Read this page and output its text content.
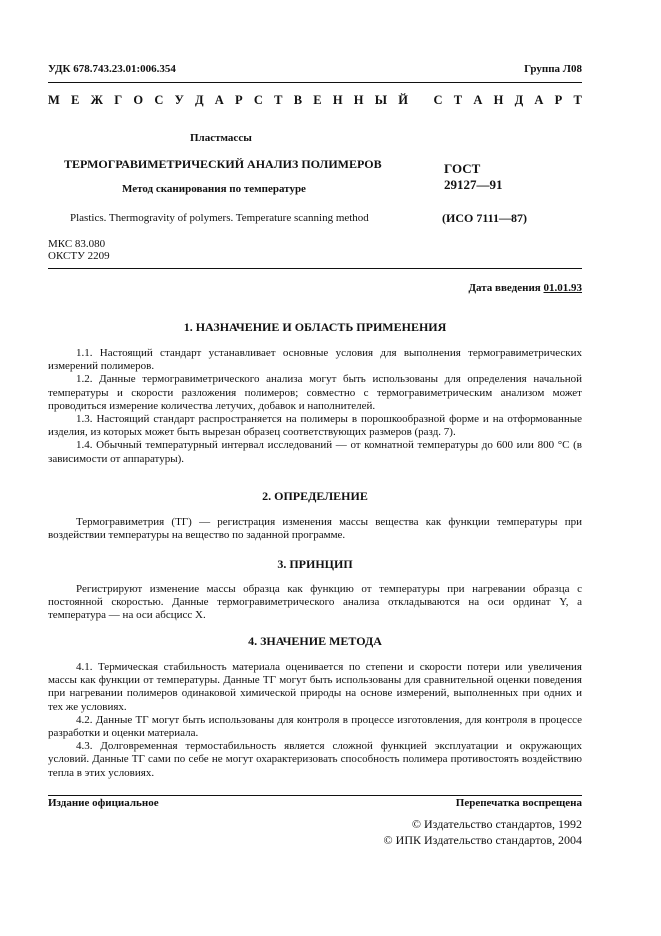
УДК 678.743.23.01:006.354	Группа Л08
М Е Ж Г О С У Д А Р С Т В Е Н Н Ы Й
С Т А Н Д А Р Т
Пластмассы
ТЕРМОГРАВИМЕТРИЧЕСКИЙ АНАЛИЗ ПОЛИМЕРОВ
Метод сканирования по температуре
Plastics. Thermogravity of polymers. Temperature scanning method
ГОСТ
29127—91
(ИСО 7111—87)
МКС 83.080
ОКСТУ 2209
Дата введения 01.01.93
1. НАЗНАЧЕНИЕ И ОБЛАСТЬ ПРИМЕНЕНИЯ

1.1. Настоящий стандарт устанавливает основные условия для выполнения термогравиметрических измерений полимеров.

1.2. Данные термогравиметрического анализа могут быть использованы для определения начальной температуры и скорости разложения полимеров; совместно с термогравиметрическим анализом может проводиться измерение количества летучих, добавок и наполнителей.

1.3. Настоящий стандарт распространяется на полимеры в порошкообразной форме и на отформованные изделия, из которых может быть вырезан образец соответствующих размеров (разд. 7).

1.4. Обычный температурный интервал исследований — от комнатной температуры до 600 или 800 °С (в зависимости от аппаратуры).

2. ОПРЕДЕЛЕНИЕ

Термогравиметрия (ТГ) — регистрация изменения массы вещества как функции температуры при воздействии температуры на вещество по заданной программе.

3. ПРИНЦИП

Регистрируют изменение массы образца как функцию от температуры при нагревании образца с постоянной скоростью. Данные термогравиметрического анализа откладываются на оси ординат Y, а температура — на оси абсцисс X.

4. ЗНАЧЕНИЕ МЕТОДА

4.1. Термическая стабильность материала оценивается по степени и скорости потери или увеличения массы как функции от температуры. Данные ТГ могут быть использованы для сравнительной оценки поведения при нагревании полимеров одинаковой химической природы на основе измерений, выполненных при одних и тех же условиях.

4.2. Данные ТГ могут быть использованы для контроля в процессе изготовления, для контроля в процессе разработки и оценки материала.

4.3. Долговременная термостабильность является сложной функцией эксплуатации и окружающих условий. Данные ТГ сами по себе не могут охарактеризовать способность полимера противостоять воздействию тепла в этих условиях.

Издание официальное	Перепечатка воспрещена
© Издательство стандартов, 1992
© ИПК Издательство стандартов, 2004
